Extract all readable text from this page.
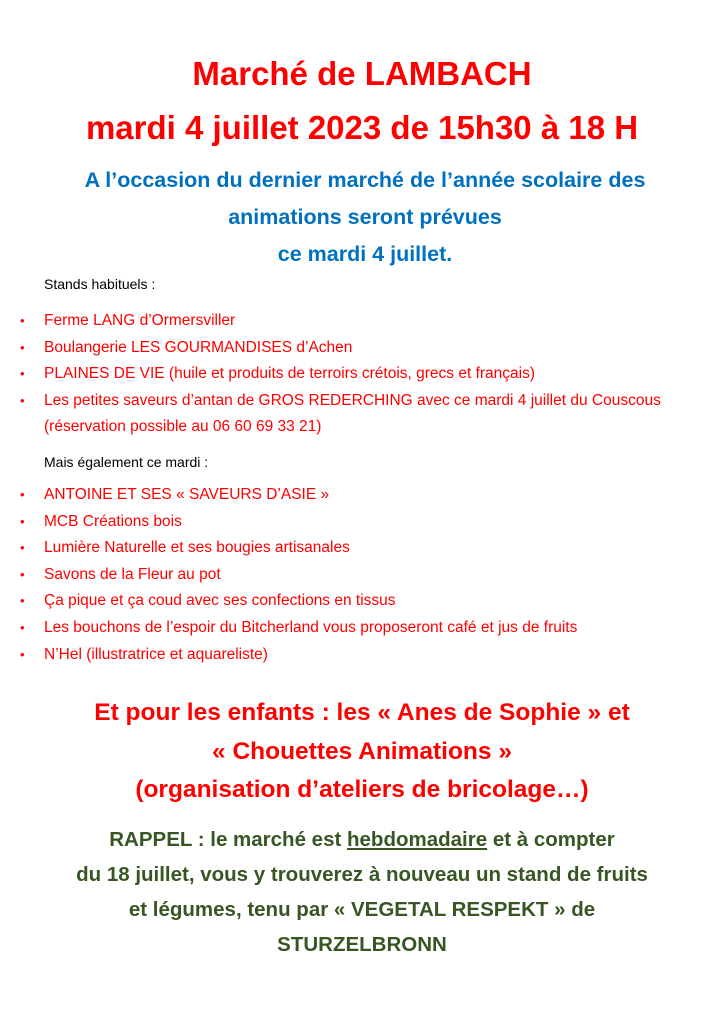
Marché de LAMBACH
mardi 4 juillet 2023 de 15h30 à 18 H
A l’occasion du dernier marché de l’année scolaire des
animations seront prévues
ce mardi 4 juillet.
Stands habituels :
• Ferme LANG d’Ormersviller
• Boulangerie LES GOURMANDISES d’Achen
• PLAINES DE VIE (huile et produits de terroirs crétois, grecs et français)
• Les petites saveurs d’antan de GROS REDERCHING avec ce mardi 4 juillet du Couscous (réservation possible au 06 60 69 33 21)
Mais également ce mardi :
• ANTOINE ET SES « SAVEURS D’ASIE »
• MCB Créations bois
• Lumière Naturelle et ses bougies artisanales
• Savons de la Fleur au pot
• Ça pique et ça coud avec ses confections en tissus
• Les bouchons de l’espoir du Bitcherland vous proposeront café et jus de fruits
• N’Hel (illustratrice et aquareliste)
Et pour les enfants : les « Anes de Sophie » et
« Chouettes Animations »
(organisation d’ateliers de bricolage…)
RAPPEL : le marché est hebdomadaire et à compter
du 18 juillet, vous y trouverez à nouveau un stand de fruits
et légumes, tenu par « VEGETAL RESPEKT » de
STURZELBRONN
